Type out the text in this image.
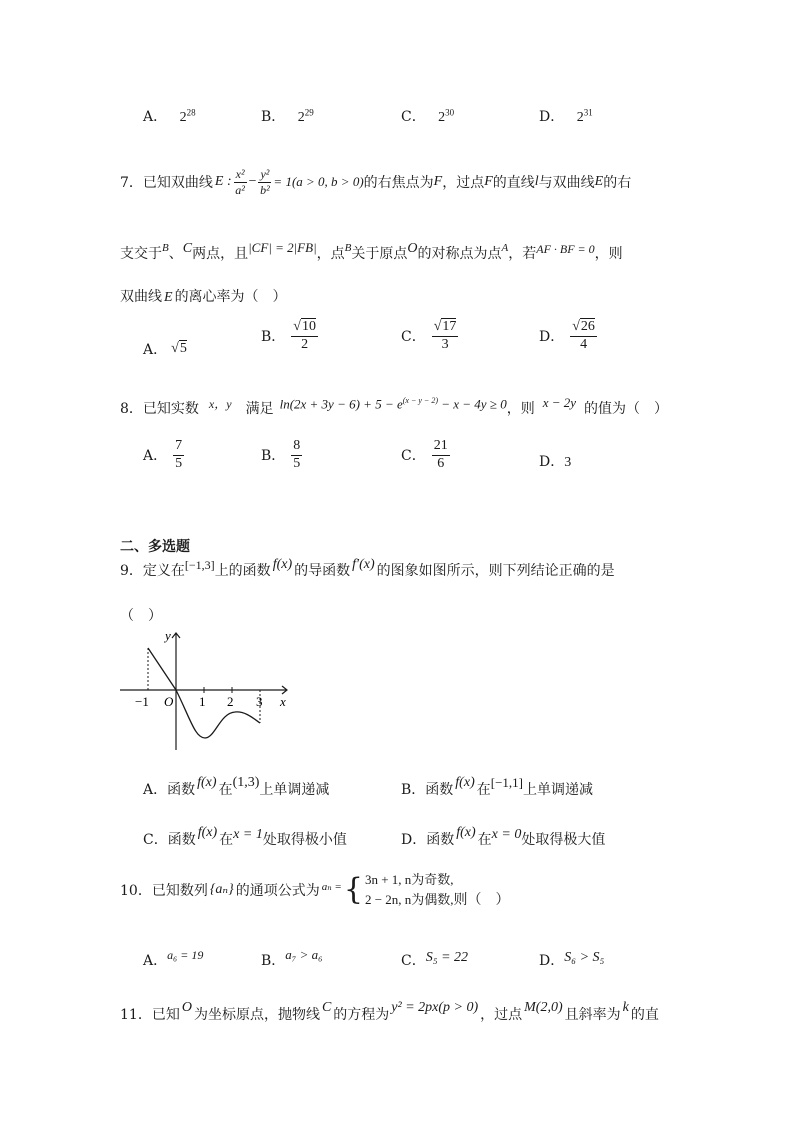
A． $2^{28}$	B． $2^{29}$	C． $2^{30}$	D． $2^{31}$
7． 已知双曲线 E : $\frac{\text{x²}}{\text{a²}} - \frac{\text{y²}}{\text{b²}} = 1(a > 0$, b > 0) 的右焦点为 F ，过点 F 的直线 l 与双曲线 E 的右
支交于 B 、 C 两点，且 |CF| = 2|FB| ，点 B 关于原点 O 的对称点为点 A ，若 AF · BF = 0 ，则
双曲线 E 的离心率为（　）
A． √5
B． $\frac{√10}{2}$	C． $\frac{√17}{3}$	D． $\frac{√26}{4}$
8． 已知实数 x，y 满足 $\ln(2x + 3y - 6) + 5 - e^{(x - y - 2)} - x - 4y \ge 0$ ，则 x − 2y 的值为（　）
A． $\frac{7}{5}$	B． $\frac{8}{5}$	C． $\frac{21}{6}$	D．3
二、多选题
9． 定义在 [−1,3] 上的函数 f(x) 的导函数 f′(x) 的图象如图所示，则下列结论正确的是
（　）
y
x
O
−1	1 2 3
A． 函数 f(x) 在 (1,3) 上单调递减	B． 函数 f(x) 在 [−1,1] 上单调递减
C． 函数 f(x) 在 x = 1 处取得极小值	D． 函数 f(x) 在 x = 0 处取得极大值
10． 已知数列 {aₙ} 的通项公式为 aₙ = { 3n + 1, n为奇数,
2 − 2n, n为偶数, 则（　）
A．a₆ = 19	B．a₇ > a₆	C．S₅ = 22	D．S₆ > S₅
11． 已知 O 为坐标原点，抛物线 C 的方程为 y² = 2px(p > 0) ，过点 M(2,0) 且斜率为 k 的直
